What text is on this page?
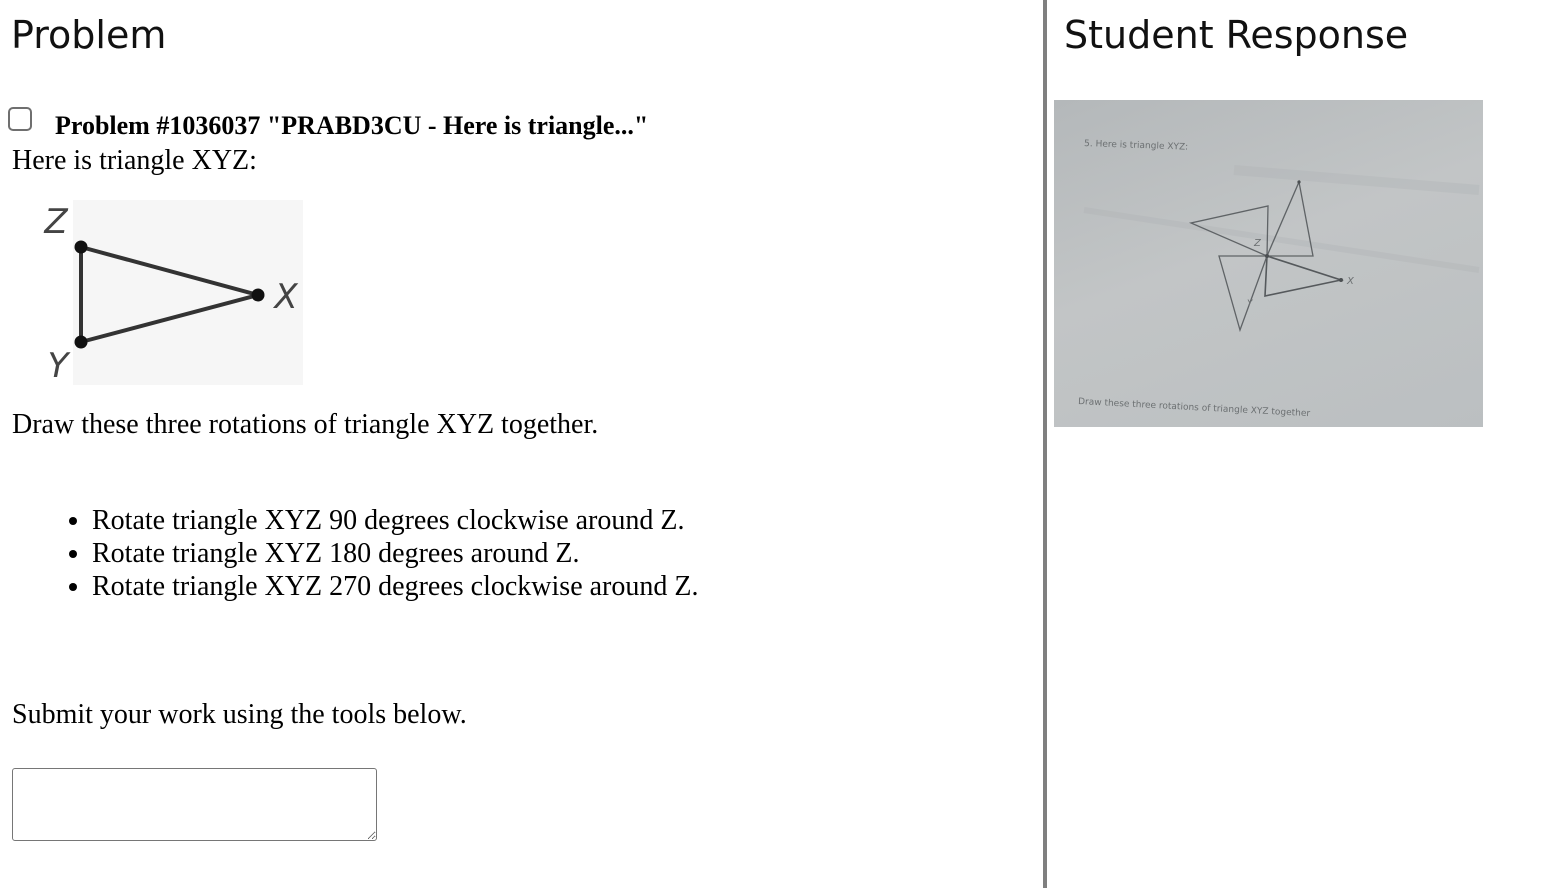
Problem
Problem #1036037 "PRABD3CU - Here is triangle..."
Here is triangle XYZ:
Z
X
Y
Draw these three rotations of triangle XYZ together.
• Rotate triangle XYZ 90 degrees clockwise around Z.
• Rotate triangle XYZ 180 degrees around Z.
• Rotate triangle XYZ 270 degrees clockwise around Z.
Submit your work using the tools below.
Student Response
5. Here is triangle XYZ:
Z
X
Y
Draw these three rotations of triangle XYZ together
